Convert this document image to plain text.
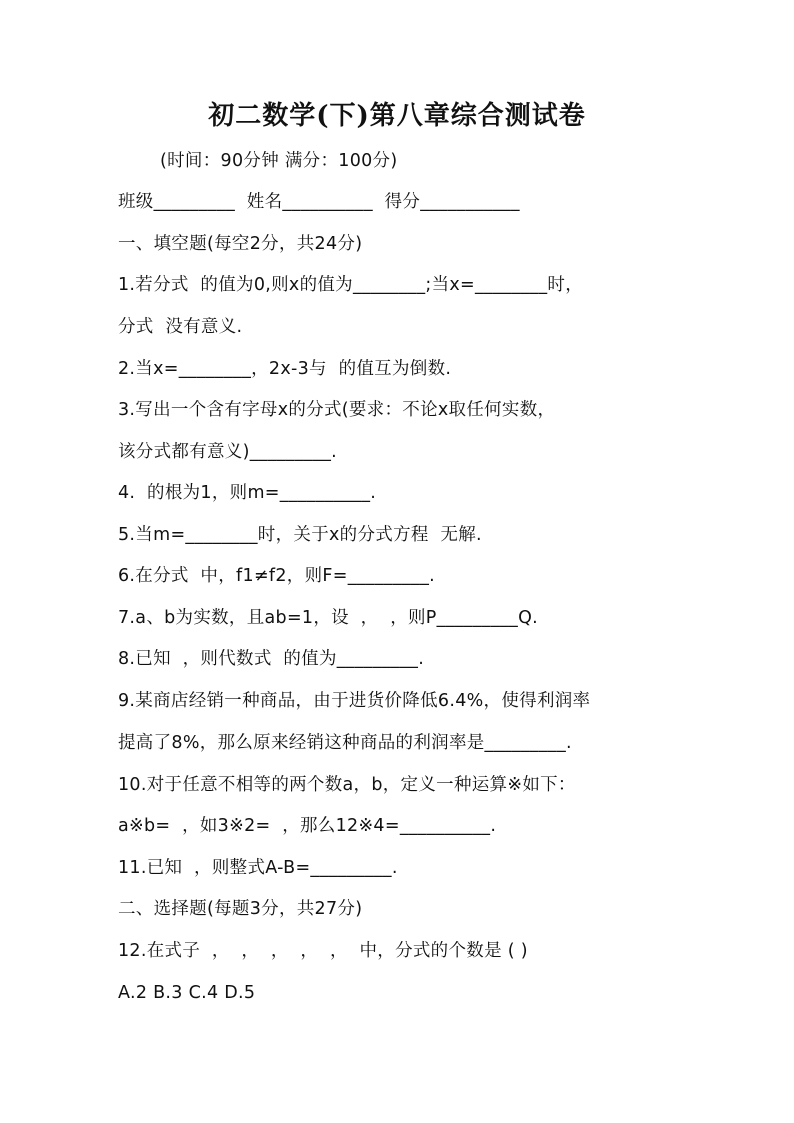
初二数学(下)第八章综合测试卷
(时间：90分钟 满分：100分)
班级_________  姓名__________  得分___________
一、填空题(每空2分，共24分)
1.若分式  的值为0,则x的值为________;当x=________时，
分式  没有意义.
2.当x=________，2x-3与  的值互为倒数.
3.写出一个含有字母x的分式(要求：不论x取任何实数，
该分式都有意义)_________.
4.  的根为1，则m=__________.
5.当m=________时，关于x的分式方程  无解.
6.在分式  中，f1≠f2，则F=_________.
7.a、b为实数，且ab=1，设  ，  ，则P_________Q.
8.已知  ，则代数式  的值为_________.
9.某商店经销一种商品，由于进货价降低6.4%，使得利润率
提高了8%，那么原来经销这种商品的利润率是_________.
10.对于任意不相等的两个数a，b，定义一种运算※如下：
a※b=  ，如3※2=  ，那么12※4=__________.
11.已知  ，则整式A-B=_________.
二、选择题(每题3分，共27分)
12.在式子  ，  ，  ，  ，  ，  中，分式的个数是 ( )
A.2 B.3 C.4 D.5
